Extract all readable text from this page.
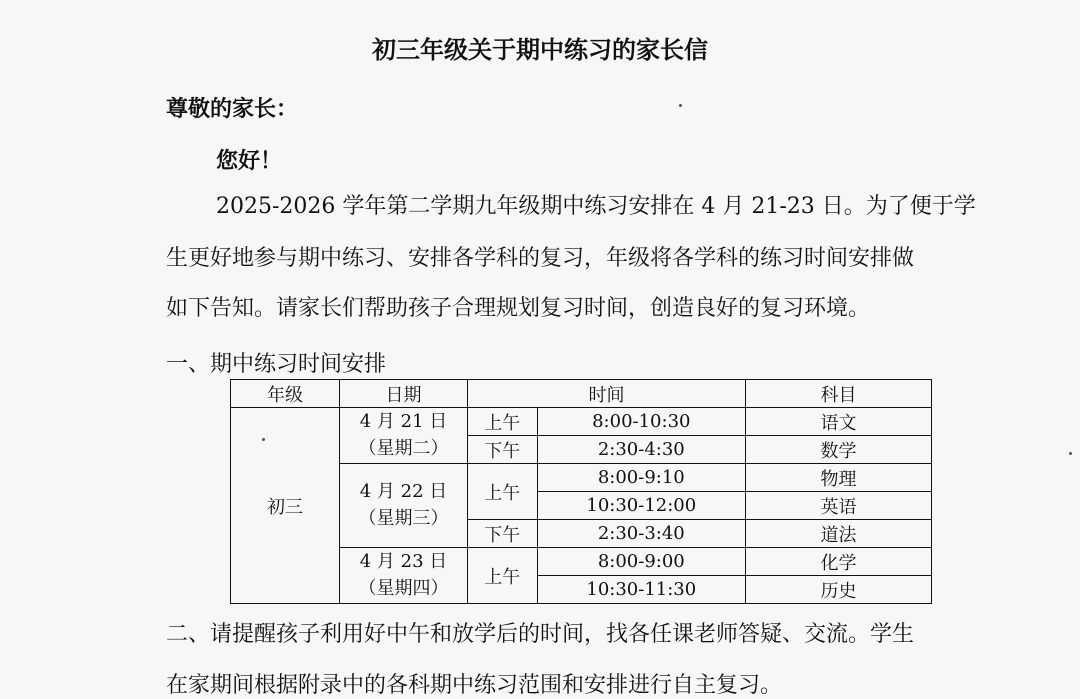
初三年级关于期中练习的家长信
尊敬的家长：
您好！
2025-2026 学年第二学期九年级期中练习安排在 4 月 21-23 日。为了便于学
生更好地参与期中练习、安排各学科的复习，年级将各学科的练习时间安排做
如下告知。请家长们帮助孩子合理规划复习时间，创造良好的复习环境。
一、期中练习时间安排
年级	日期	时间		科目
初三	4 月 21 日
（星期二）	上午	8:00-10:30	语文
		下午	2:30-4:30	数学

	4 月 22 日
（星期三）	上午	8:00-9:10	物理
			10:30-12:00	英语
		下午	2:30-3:40	道法

	4 月 23 日
（星期四）	上午	8:00-9:00	化学
			10:30-11:30	历史
二、请提醒孩子利用好中午和放学后的时间，找各任课老师答疑、交流。学生
在家期间根据附录中的各科期中练习范围和安排进行自主复习。
